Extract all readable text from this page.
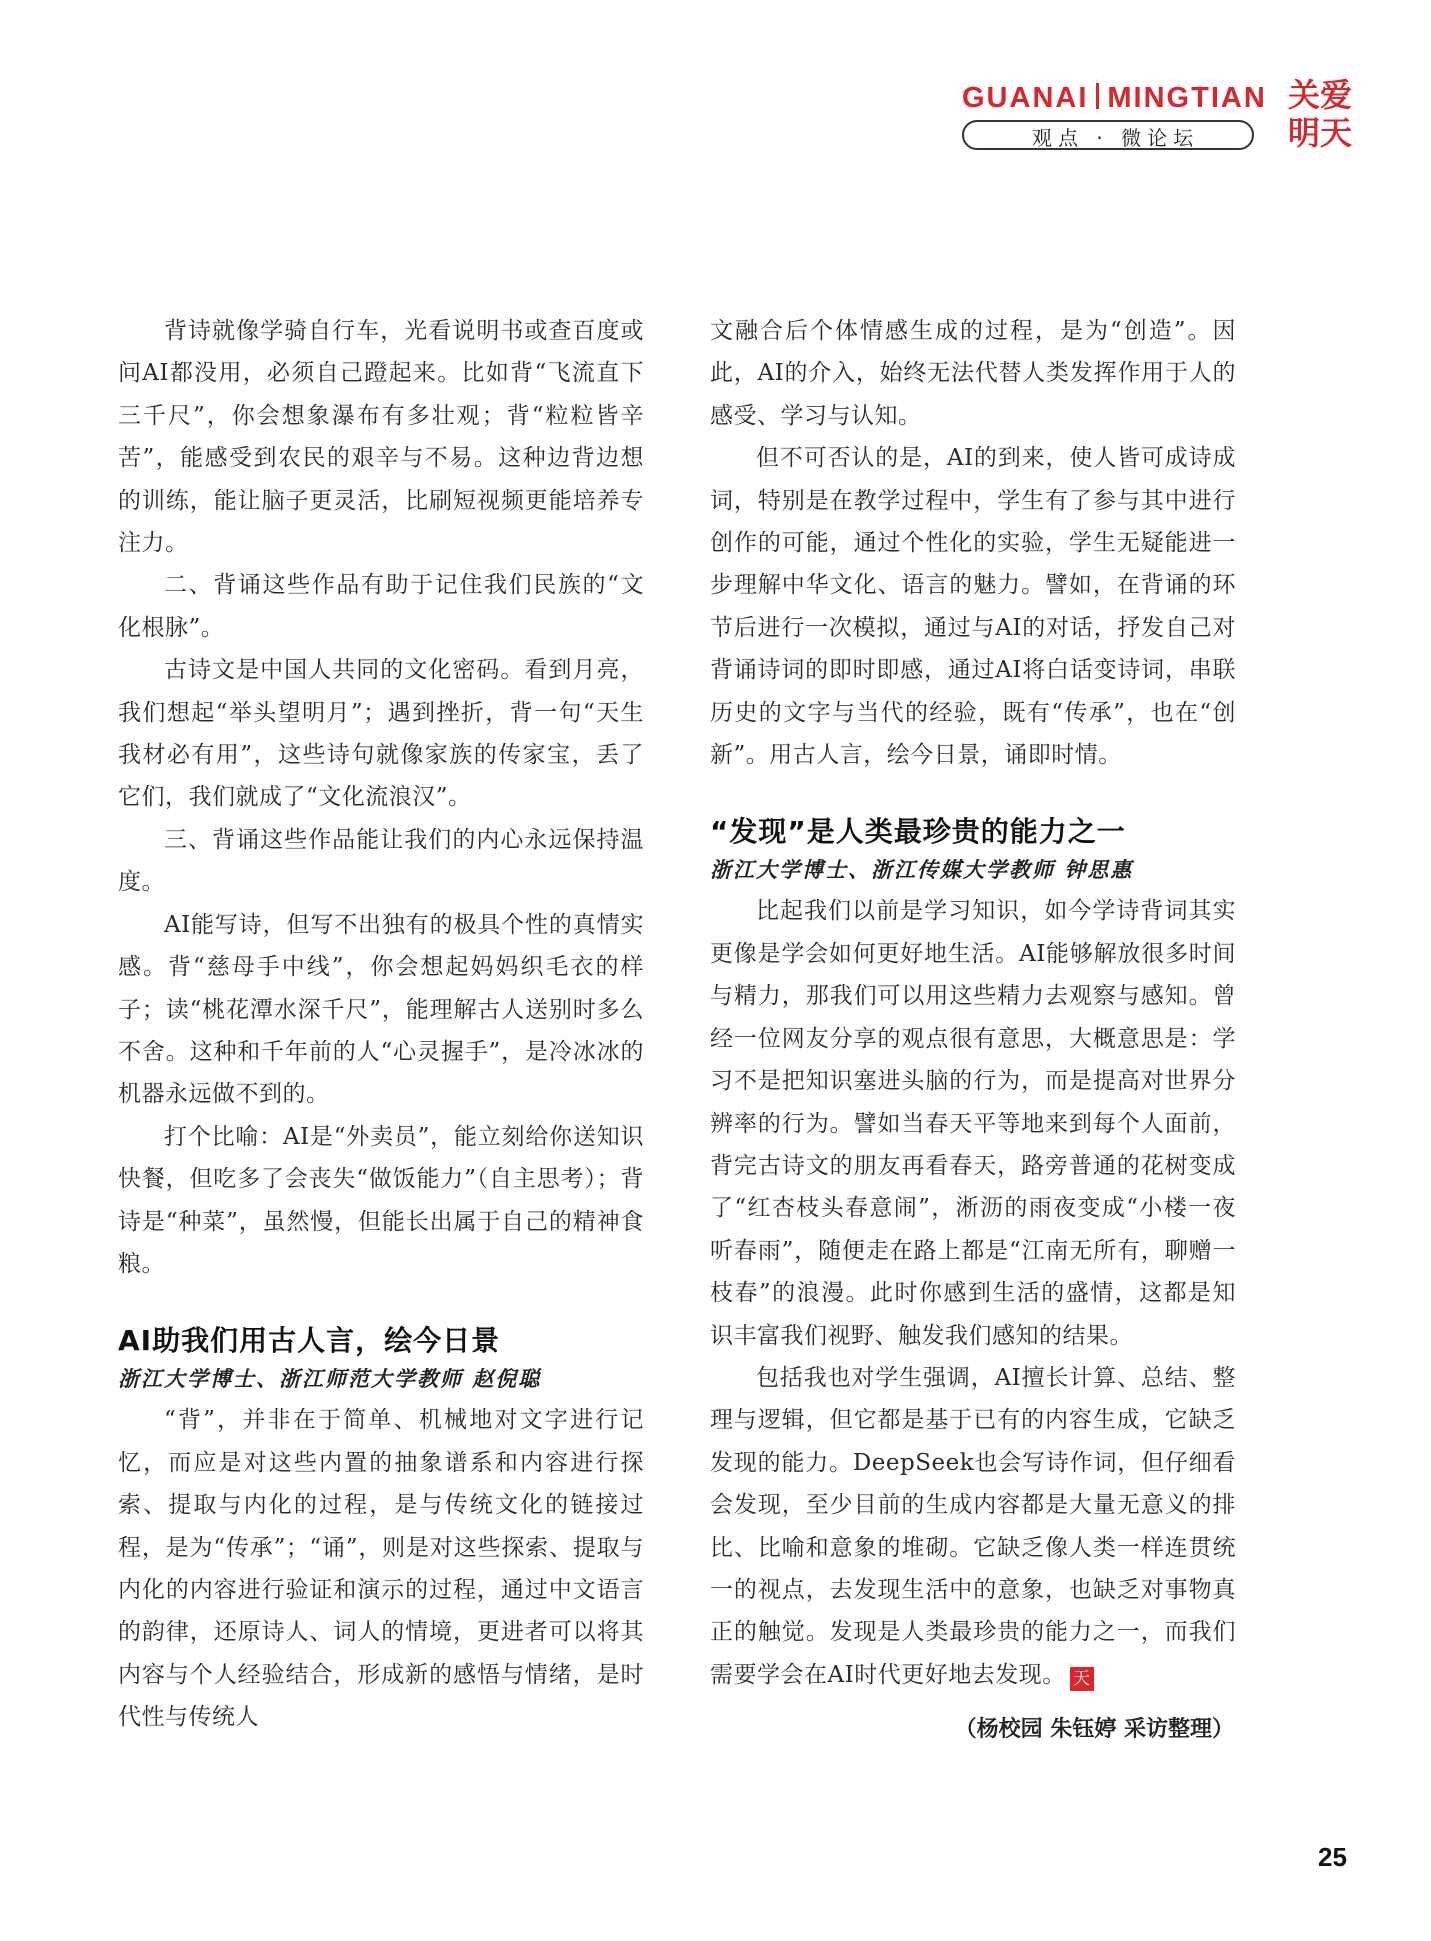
GUANAI MINGTIAN
观点 · 微论坛
关爱明天

背诗就像学骑自行车，光看说明书或查百度或问AI都没用，必须自己蹬起来。比如背“飞流直下三千尺”，你会想象瀑布有多壮观；背“粒粒皆辛苦”，能感受到农民的艰辛与不易。这种边背边想的训练，能让脑子更灵活，比刷短视频更能培养专注力。

二、背诵这些作品有助于记住我们民族的“文化根脉”。

古诗文是中国人共同的文化密码。看到月亮，我们想起“举头望明月”；遇到挫折，背一句“天生我材必有用”，这些诗句就像家族的传家宝，丢了它们，我们就成了“文化流浪汉”。

三、背诵这些作品能让我们的内心永远保持温度。

AI能写诗，但写不出独有的极具个性的真情实感。背“慈母手中线”，你会想起妈妈织毛衣的样子；读“桃花潭水深千尺”，能理解古人送别时多么不舍。这种和千年前的人“心灵握手”，是冷冰冰的机器永远做不到的。

打个比喻：AI是“外卖员”，能立刻给你送知识快餐，但吃多了会丧失“做饭能力”（自主思考）；背诗是“种菜”，虽然慢，但能长出属于自己的精神食粮。

AI助我们用古人言，绘今日景
浙江大学博士、浙江师范大学教师 赵倪聪

“背”，并非在于简单、机械地对文字进行记忆，而应是对这些内置的抽象谱系和内容进行探索、提取与内化的过程，是与传统文化的链接过程，是为“传承”；“诵”，则是对这些探索、提取与内化的内容进行验证和演示的过程，通过中文语言的韵律，还原诗人、词人的情境，更进者可以将其内容与个人经验结合，形成新的感悟与情绪，是时代性与传统人

文融合后个体情感生成的过程，是为“创造”。因此，AI的介入，始终无法代替人类发挥作用于人的感受、学习与认知。

但不可否认的是，AI的到来，使人皆可成诗成词，特别是在教学过程中，学生有了参与其中进行创作的可能，通过个性化的实验，学生无疑能进一步理解中华文化、语言的魅力。譬如，在背诵的环节后进行一次模拟，通过与AI的对话，抒发自己对背诵诗词的即时即感，通过AI将白话变诗词，串联历史的文字与当代的经验，既有“传承”，也在“创新”。用古人言，绘今日景，诵即时情。

“发现”是人类最珍贵的能力之一
浙江大学博士、浙江传媒大学教师 钟思惠

比起我们以前是学习知识，如今学诗背词其实更像是学会如何更好地生活。AI能够解放很多时间与精力，那我们可以用这些精力去观察与感知。曾经一位网友分享的观点很有意思，大概意思是：学习不是把知识塞进头脑的行为，而是提高对世界分辨率的行为。譬如当春天平等地来到每个人面前，背完古诗文的朋友再看春天，路旁普通的花树变成了“红杏枝头春意闹”，淅沥的雨夜变成“小楼一夜听春雨”，随便走在路上都是“江南无所有，聊赠一枝春”的浪漫。此时你感到生活的盛情，这都是知识丰富我们视野、触发我们感知的结果。

包括我也对学生强调，AI擅长计算、总结、整理与逻辑，但它都是基于已有的内容生成，它缺乏发现的能力。DeepSeek也会写诗作词，但仔细看会发现，至少目前的生成内容都是大量无意义的排比、比喻和意象的堆砌。它缺乏像人类一样连贯统一的视点，去发现生活中的意象，也缺乏对事物真正的触觉。发现是人类最珍贵的能力之一，而我们需要学会在AI时代更好地去发现。 天

（杨校园 朱钰婷 采访整理）
25
